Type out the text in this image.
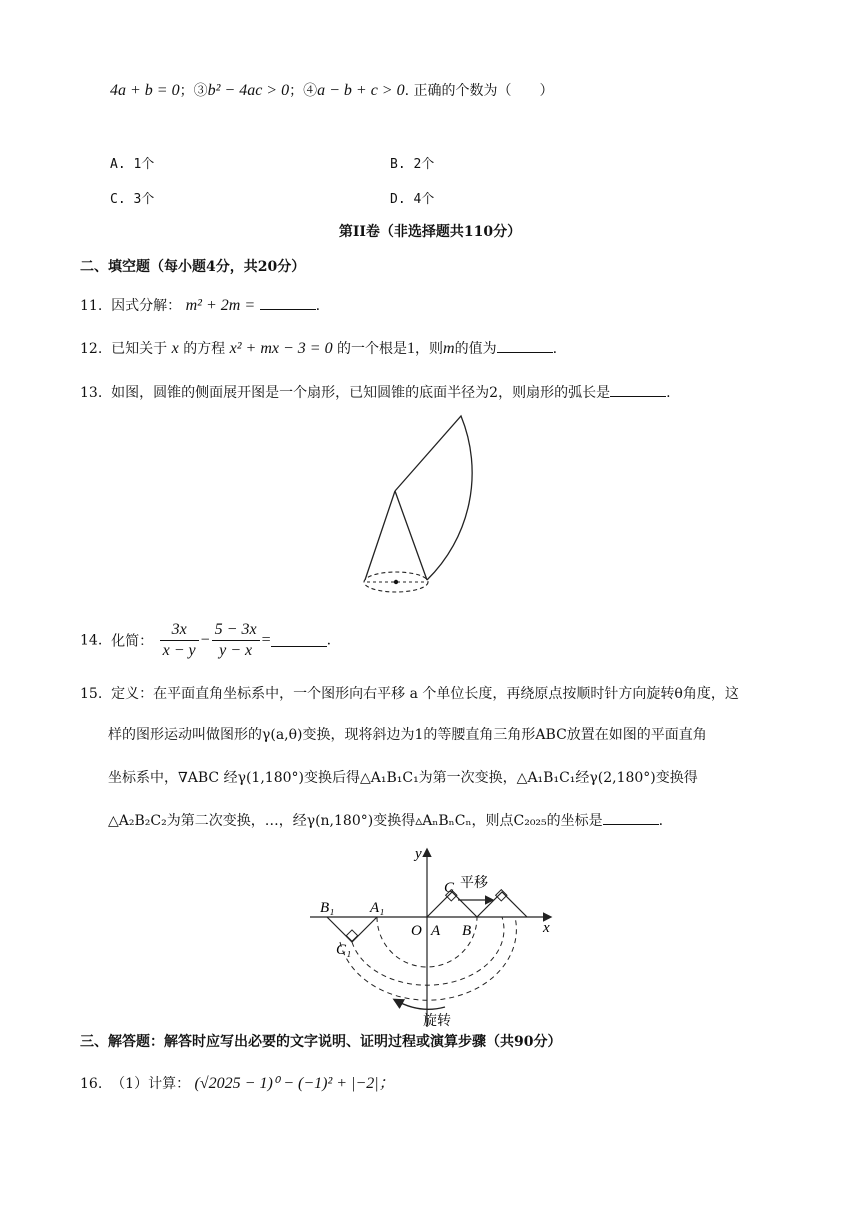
4a + b = 0；③b² − 4ac > 0；④a − b + c > 0. 正确的个数为（　　）
A. 1个	B. 2个
C. 3个	D. 4个
第II卷（非选择题共110分）
二、填空题（每小题4分，共20分）
11. 因式分解： m² + 2m =	.
12. 已知关于 x 的方程 x² + mx − 3 = 0 的一个根是1，则m的值为	.
13. 如图，圆锥的侧面展开图是一个扇形，已知圆锥的底面半径为2，则扇形的弧长是	.
14. 化简： $\frac{3x}{x - y} - \frac{5 - 3x}{y - x}$ =	.
15. 定义：在平面直角坐标系中，一个图形向右平移 a 个单位长度，再绕原点按顺时针方向旋转θ角度，这
样的图形运动叫做图形的γ(a,θ)变换，现将斜边为1的等腰直角三角形ABC放置在如图的平面直角
坐标系中，∇ABC 经γ(1,180°)变换后得△A₁B₁C₁为第一次变换，△A₁B₁C₁经γ(2,180°)变换得
△A₂B₂C₂为第二次变换，…，经γ(n,180°)变换得▵AₙBₙCₙ，则点C₂₀₂₅的坐标是	.
y
x
O A B
C
A₁
B₁
C₁
平移
旋转
三、解答题：解答时应写出必要的文字说明、证明过程或演算步骤（共90分）
16. （1）计算： (√2025 − 1)⁰ − (−1)² + |−2|；
